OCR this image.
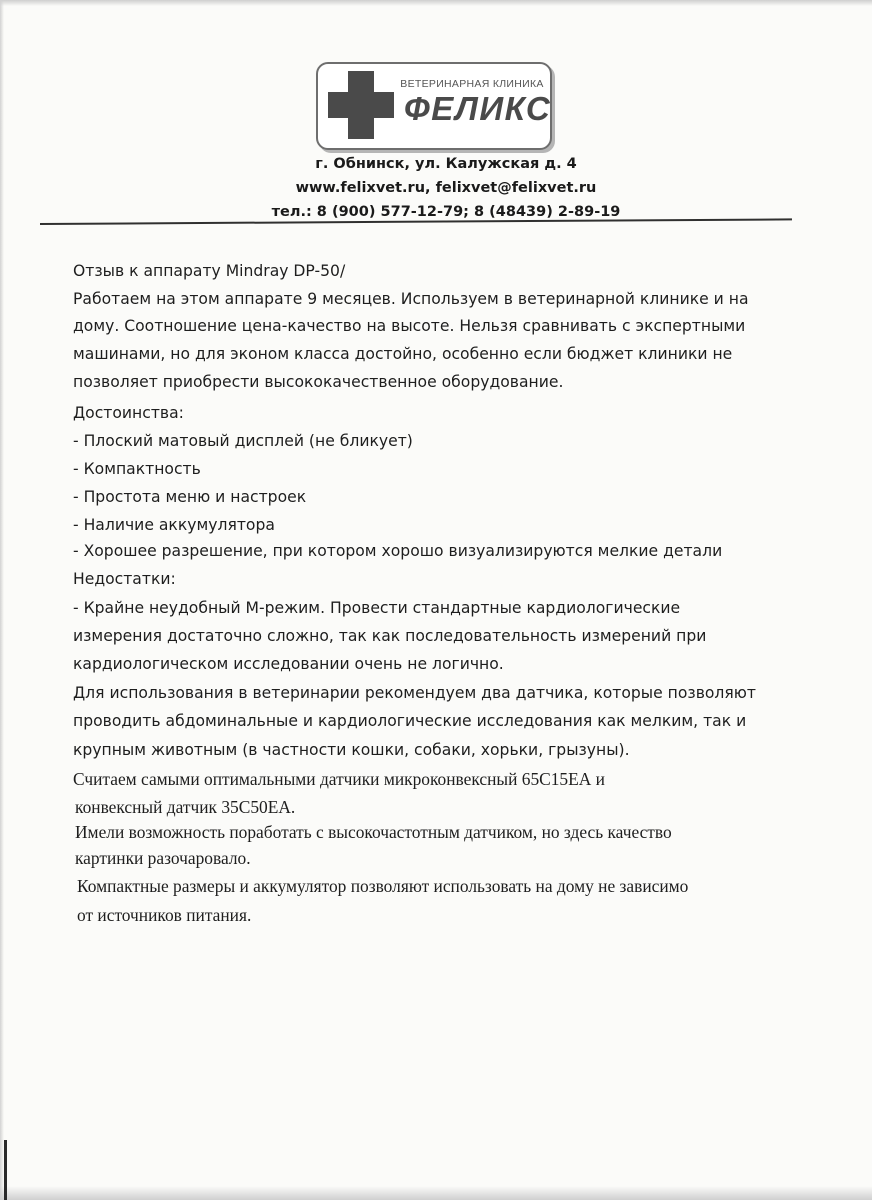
ВЕТЕРИНАРНАЯ КЛИНИКА
ФЕЛИКС
г. Обнинск, ул. Калужская д. 4
www.felixvet.ru, felixvet@felixvet.ru
тел.: 8 (900) 577-12-79; 8 (48439) 2-89-19
Отзыв к аппарату Mindray DP-50/
Работаем на этом аппарате 9 месяцев. Используем в ветеринарной клинике и на
дому. Соотношение цена-качество на высоте. Нельзя сравнивать с экспертными
машинами, но для эконом класса достойно, особенно если бюджет клиники не
позволяет приобрести высококачественное оборудование.
Достоинства:
- Плоский матовый дисплей (не бликует)
- Компактность
- Простота меню и настроек
- Наличие аккумулятора
- Хорошее разрешение, при котором хорошо визуализируются мелкие детали
Недостатки:
- Крайне неудобный М-режим. Провести стандартные кардиологические
измерения достаточно сложно, так как последовательность измерений при
кардиологическом исследовании очень не логично.
Для использования в ветеринарии рекомендуем два датчика, которые позволяют
проводить абдоминальные и кардиологические исследования как мелким, так и
крупным животным (в частности кошки, собаки, хорьки, грызуны).
Считаем самыми оптимальными датчики микроконвексный 65С15ЕА и
конвексный датчик 35С50ЕА.
Имели возможность поработать с высокочастотным датчиком, но здесь качество
картинки разочаровало.
Компактные размеры и аккумулятор позволяют использовать на дому не зависимо
от источников питания.
